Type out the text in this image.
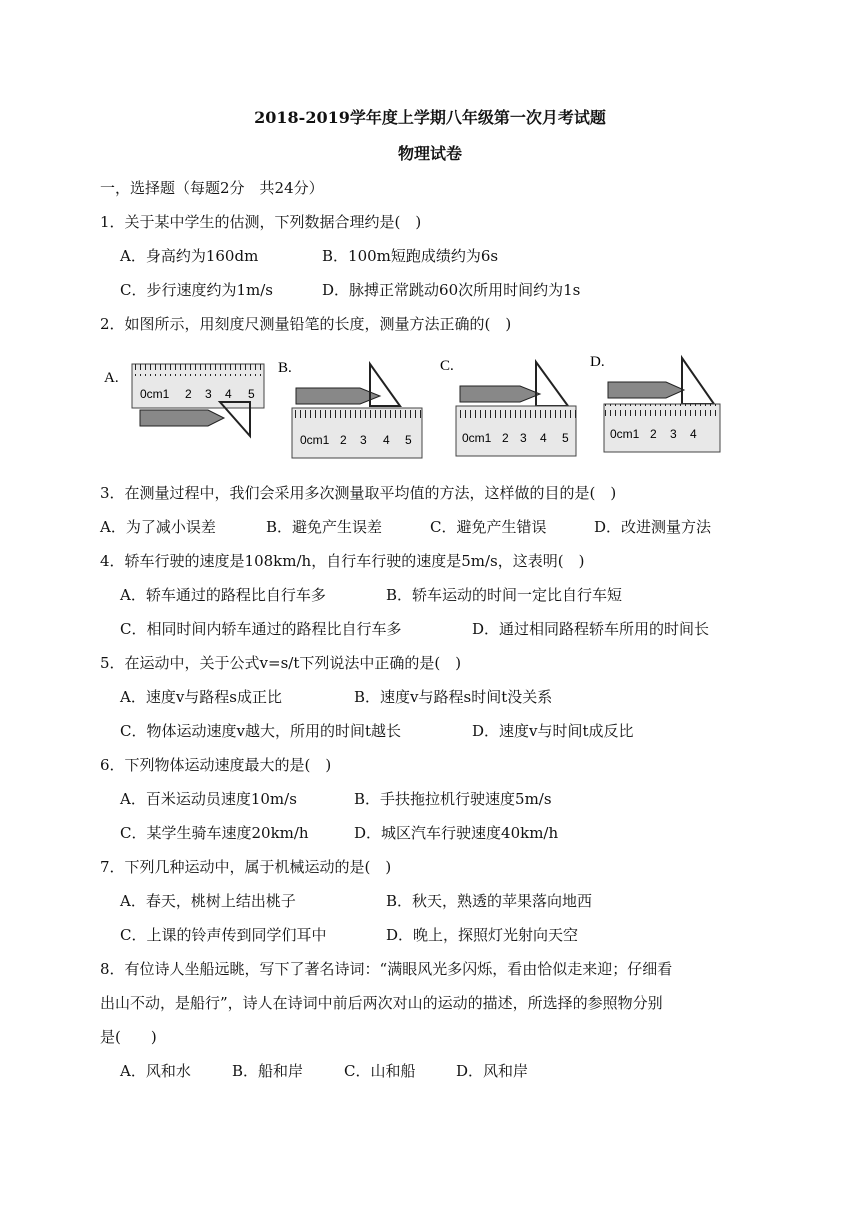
2018-2019学年度上学期八年级第一次月考试题
物理试卷
一，选择题（每题2分　共24分）
1．关于某中学生的估测，下列数据合理约是(　)
A．身高约为160dm	B．100m短跑成绩约为6s
C．步行速度约为1m/s	D．脉搏正常跳动60次所用时间约为1s
2．如图所示，用刻度尺测量铅笔的长度，测量方法正确的(　)
A.
0cm1 2 3 4 5
B.
0cm1 2 3 4 5
C.
0cm1 2 3 4 5
D.
0cm1 2 3 4
3．在测量过程中，我们会采用多次测量取平均值的方法，这样做的目的是(　)
A．为了减小误差	B．避免产生误差	C．避免产生错误	D．改进测量方法
4．轿车行驶的速度是108km/h，自行车行驶的速度是5m/s，这表明(　)
A．轿车通过的路程比自行车多	B．轿车运动的时间一定比自行车短
C．相同时间内轿车通过的路程比自行车多	D．通过相同路程轿车所用的时间长
5．在运动中，关于公式v=s/t下列说法中正确的是(　)
A．速度v与路程s成正比	B．速度v与路程s时间t没关系
C．物体运动速度v越大，所用的时间t越长	D．速度v与时间t成反比
6．下列物体运动速度最大的是(　)
A．百米运动员速度10m/s	B．手扶拖拉机行驶速度5m/s
C．某学生骑车速度20km/h	D．城区汽车行驶速度40km/h
7．下列几种运动中，属于机械运动的是(　)
A．春天，桃树上结出桃子	B．秋天，熟透的苹果落向地西
C．上课的铃声传到同学们耳中	D．晚上，探照灯光射向天空
8．有位诗人坐船远眺，写下了著名诗词：“满眼风光多闪烁，看由恰似走来迎；仔细看
出山不动，是船行”，诗人在诗词中前后两次对山的运动的描述，所选择的参照物分别
是(　　)
A．风和水	B．船和岸	C．山和船	D．风和岸
